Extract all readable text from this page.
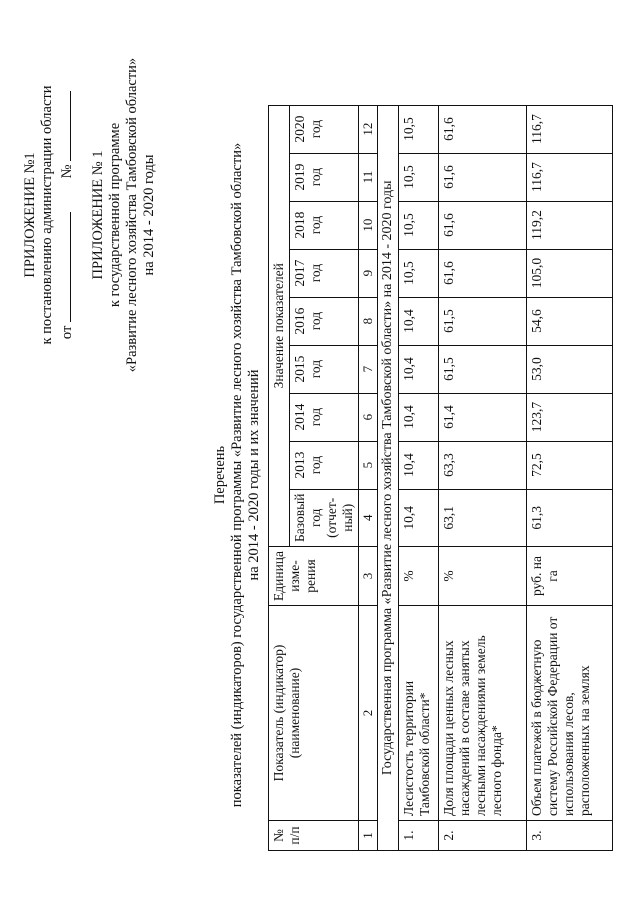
ПРИЛОЖЕНИЕ №1 к постановлению администрации области от  № ПРИЛОЖЕНИЕ № 1 к государственной программе «Развитие лесного хозяйства Тамбовской области» на 2014 - 2020 годы
Перечень показателей (индикаторов) государственной программы «Развитие лесного хозяйства Тамбовской области» на 2014 - 2020 годы и их значений
№ п/п	Показатель (индикатор) (наименование)	Единица изме- рения	Значение показателей								
			Базовый год (отчет- ный)	2013 год	2014 год	2015 год	2016 год	2017 год	2018 год	2019 год	2020 год
1	2	3	4	5	6	7	8	9	10	11	12
Государственная программа «Развитие лесного хозяйства Тамбовской области» на 2014 - 2020 годы											
1.	Лесистость территории Тамбовской области*	%	10,4	10,4	10,4	10,4	10,4	10,5	10,5	10,5	10,5
2.	Доля площади ценных лесных насаждений в составе занятых лесными насаждениями земель лесного фонда*	%	63,1	63,3	61,4	61,5	61,5	61,6	61,6	61,6	61,6
3.	Объем платежей в бюджетную систему Российской Федерации от использования лесов, расположенных на землях	руб. на га	61,3	72,5	123,7	53,0	54,6	105,0	119,2	116,7	116,7
